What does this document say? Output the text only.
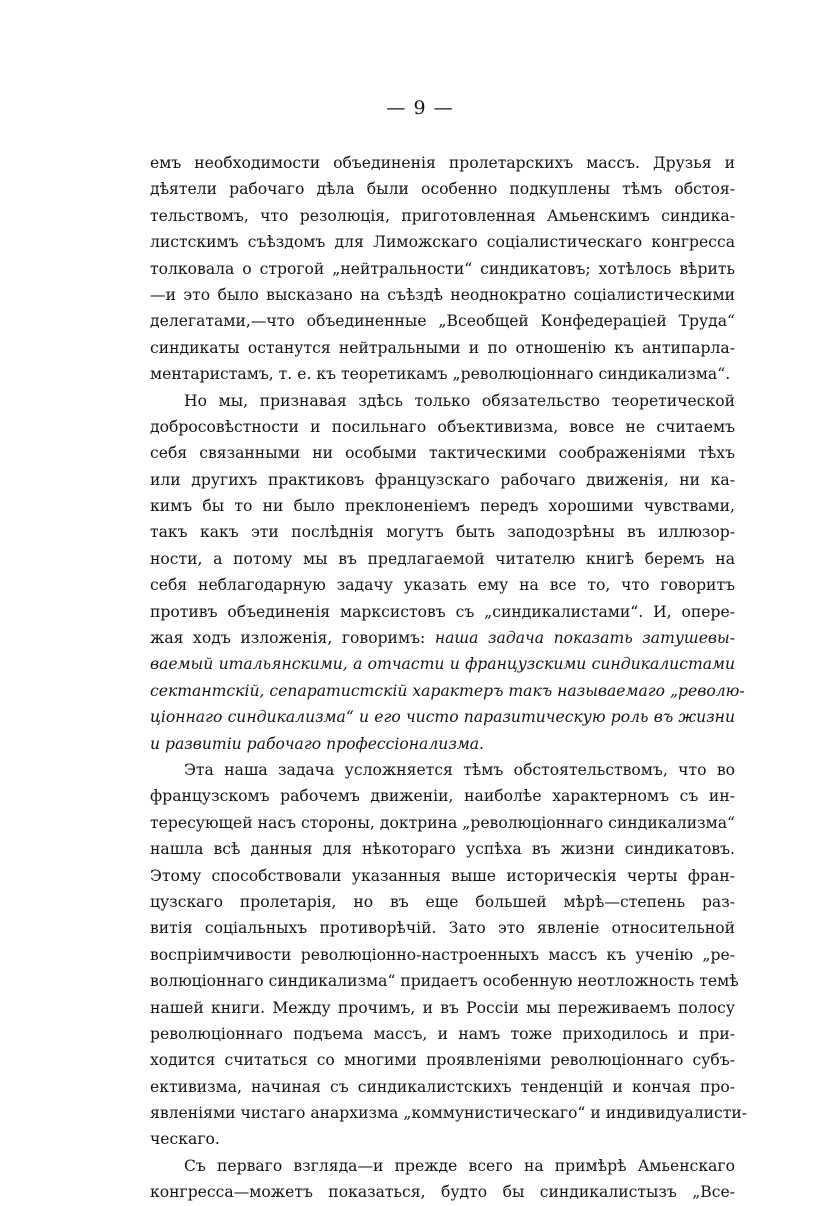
— 9 —
емъ необходимости объединенія пролетарскихъ массъ. Друзья и
дѣятели рабочаго дѣла были особенно подкуплены тѣмъ обстоя-
тельствомъ, что резолюція, приготовленная Амьенскимъ синдика-
листскимъ съѣздомъ для Лиможскаго соціалистическаго конгресса
толковала о строгой „нейтральности“ синдикатовъ; хотѣлось вѣрить
—и это было высказано на съѣздѣ неоднократно соціалистическими
делегатами,—что объединенные „Всеобщей Конфедераціей Труда“
синдикаты останутся нейтральными и по отношенію къ антипарла-
ментаристамъ, т. е. къ теоретикамъ „революціоннаго синдикализма“.
Но мы, признавая здѣсь только обязательство теоретической
добросовѣстности и посильнаго объективизма, вовсе не считаемъ
себя связанными ни особыми тактическими соображеніями тѣхъ
или другихъ практиковъ французскаго рабочаго движенія, ни ка-
кимъ бы то ни было преклоненіемъ передъ хорошими чувствами,
такъ какъ эти послѣднія могутъ быть заподозрѣны въ иллюзор-
ности, а потому мы въ предлагаемой читателю книгѣ беремъ на
себя неблагодарную задачу указать ему на все то, что говоритъ
противъ объединенія марксистовъ съ „синдикалистами“. И, опере-
жая ходъ изложенія, говоримъ: наша задача показать затушевы-
ваемый итальянскими, а отчасти и французскими синдикалистами
сектантскій, сепаратистскій характеръ такъ называемаго „револю-
ціоннаго синдикализма“ и его чисто паразитическую роль въ жизни
и развитіи рабочаго профессіонализма.
Эта наша задача усложняется тѣмъ обстоятельствомъ, что во
французскомъ рабочемъ движеніи, наиболѣе характерномъ съ ин-
тересующей насъ стороны, доктрина „революціоннаго синдикализма“
нашла всѣ данныя для нѣкотораго успѣха въ жизни синдикатовъ.
Этому способствовали указанныя выше историческія черты фран-
цузскаго пролетарія, но въ еще большей мѣрѣ—степень раз-
витія соціальныхъ противорѣчій. Зато это явленіе относительной
воспріимчивости революціонно-настроенныхъ массъ къ ученію „ре-
волюціоннаго синдикализма“ придаетъ особенную неотложность темѣ
нашей книги. Между прочимъ, и въ Россіи мы переживаемъ полосу
революціоннаго подъема массъ, и намъ тоже приходилось и при-
ходится считаться со многими проявленіями революціоннаго субъ-
ективизма, начиная съ синдикалистскихъ тенденцій и кончая про-
явленіями чистаго анархизма „коммунистическаго“ и индивидуалисти-
ческаго.
Съ перваго взгляда—и прежде всего на примѣрѣ Амьенскаго
конгресса—можетъ показаться, будто бы синдикалистызъ „Все-
